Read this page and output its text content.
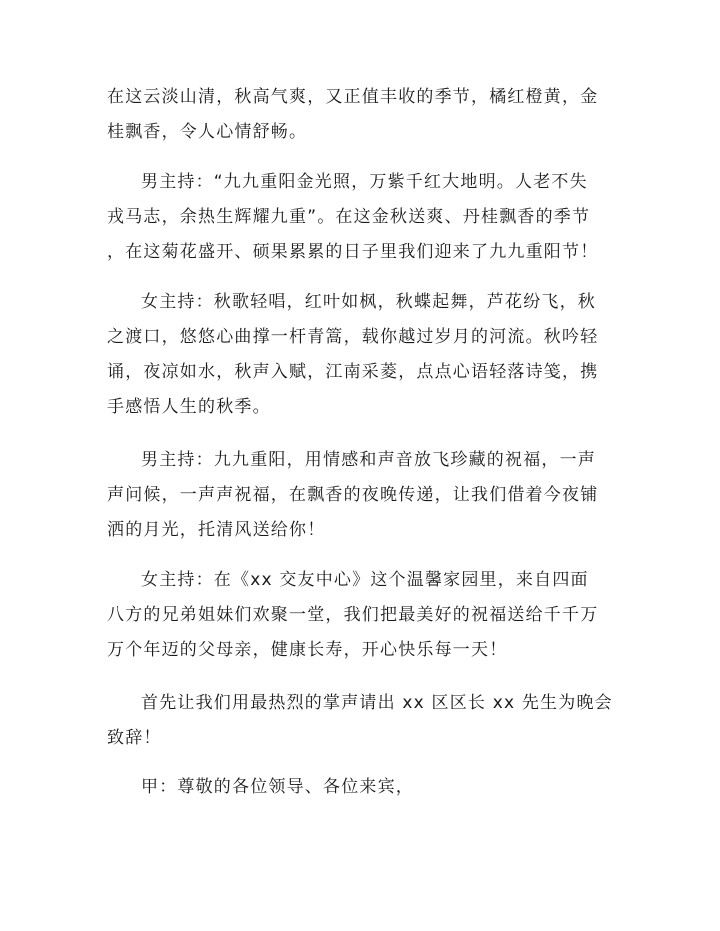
在这云淡山清，秋高气爽，又正值丰收的季节，橘红橙黄，金
桂飘香，令人心情舒畅。
男主持：“九九重阳金光照，万紫千红大地明。人老不失
戎马志，余热生辉耀九重”。在这金秋送爽、丹桂飘香的季节
，在这菊花盛开、硕果累累的日子里我们迎来了九九重阳节！
女主持：秋歌轻唱，红叶如枫，秋蝶起舞，芦花纷飞，秋
之渡口，悠悠心曲撑一杆青篙，载你越过岁月的河流。秋吟轻
诵，夜凉如水，秋声入赋，江南采菱，点点心语轻落诗笺，携
手感悟人生的秋季。
男主持：九九重阳，用情感和声音放飞珍藏的祝福，一声
声问候，一声声祝福，在飘香的夜晚传递，让我们借着今夜铺
洒的月光，托清风送给你！
女主持：在《xx 交友中心》这个温馨家园里，来自四面
八方的兄弟姐妹们欢聚一堂，我们把最美好的祝福送给千千万
万个年迈的父母亲，健康长寿，开心快乐每一天！
首先让我们用最热烈的掌声请出 xx 区区长 xx 先生为晚会
致辞！
甲：尊敬的各位领导、各位来宾，
